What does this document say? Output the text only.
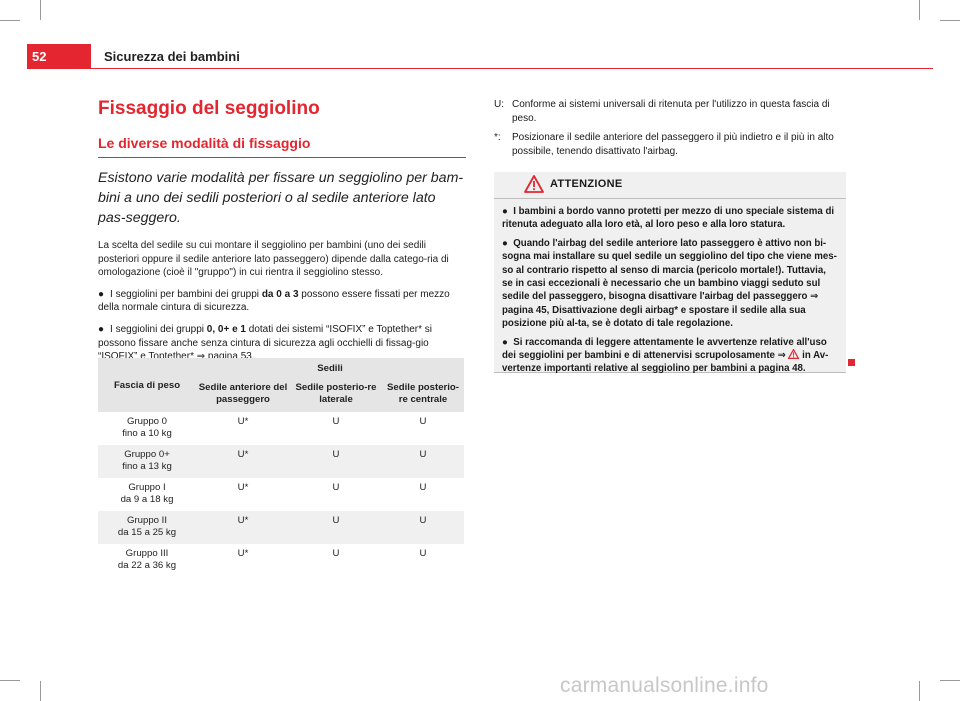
52	Sicurezza dei bambini
Fissaggio del seggiolino
Le diverse modalità di fissaggio

Esistono varie modalità per fissare un seggiolino per bam-bini a uno dei sedili posteriori o al sedile anteriore lato pas-seggero.

La scelta del sedile su cui montare il seggiolino per bambini (uno dei sedili posteriori oppure il sedile anteriore lato passeggero) dipende dalla catego-ria di omologazione (cioè il "gruppo") in cui rientra il seggiolino stesso.

● I seggiolini per bambini dei gruppi da 0 a 3 possono essere fissati per mezzo della normale cintura di sicurezza.
● I seggiolini dei gruppi 0, 0+ e 1 dotati dei sistemi “ISOFIX” e Toptether* si possono fissare anche senza cintura di sicurezza agli occhielli di fissag-gio “ISOFIX” e Toptether* ⇒ pagina 53.
Fascia di peso	Sedili		
	Sedile anteriore del passeggero	Sedile posterio-re laterale	Sedile posterio-re centrale

Gruppo 0
fino a 10 kg	U*	U	U

Gruppo 0+
fino a 13 kg	U*	U	U

Gruppo I
da 9 a 18 kg	U*	U	U

Gruppo II
da 15 a 25 kg	U*	U	U

Gruppo III
da 22 a 36 kg	U*	U	U
U: Conforme ai sistemi universali di ritenuta per l'utilizzo in questa fascia di peso.
*:	Posizionare il sedile anteriore del passeggero il più indietro e il più in alto possibile, tenendo disattivato l'airbag.
ATTENZIONE

● I bambini a bordo vanno protetti per mezzo di uno speciale sistema di ritenuta adeguato alla loro età, al loro peso e alla loro statura.

● Quando l'airbag del sedile anteriore lato passeggero è attivo non bi-sogna mai installare su quel sedile un seggiolino del tipo che viene mes-so al contrario rispetto al senso di marcia (pericolo mortale!). Tuttavia, se in casi eccezionali è necessario che un bambino viaggi seduto sul sedile del passeggero, bisogna disattivare l'airbag del passeggero ⇒ pagina 45, Disattivazione degli airbag* e spostare il sedile alla sua posizione più al-ta, se è dotato di tale regolazione.

● Si raccomanda di leggere attentamente le avvertenze relative all'uso dei seggiolini per bambini e di attenervisi scrupolosamente ⇒  in Av-vertenze importanti relative al seggiolino per bambini a pagina 48.

carmanualsonline.info
